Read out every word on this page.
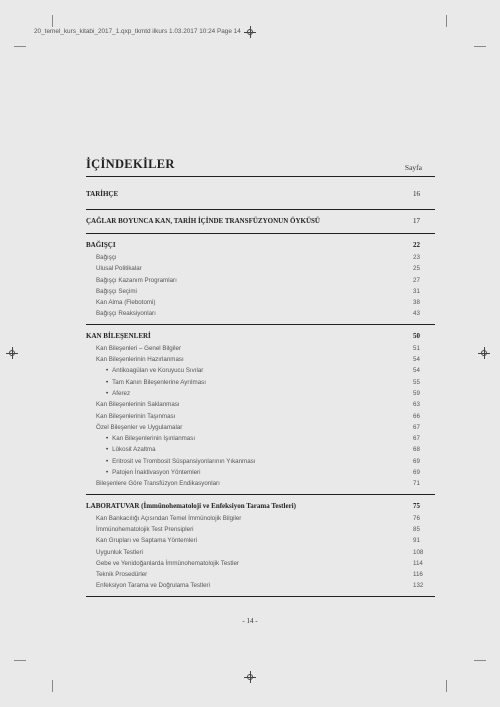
20_temel_kurs_kitabi_2017_1.qxp_tkmtd ilkurs 1.03.2017 10:24 Page 14
İÇİNDEKİLER	Sayfa
TARİHÇE	16
ÇAĞLAR BOYUNCA KAN, TARİH İÇİNDE TRANSFÜZYONUN ÖYKÜSÜ	17
BAĞIŞÇI	22
Bağışçı	23
Ulusal Politikalar	25
Bağışçı Kazanım Programları	27
Bağışçı Seçimi	31
Kan Alma (Flebotomi)	38
Bağışçı Reaksiyonları	43
KAN BİLEŞENLERİ	50
Kan Bileşenleri – Genel Bilgiler	51
Kan Bileşenlerinin Hazırlanması	54
• Antikoagülan ve Koruyucu Sıvılar	54
• Tam Kanın Bileşenlerine Ayrılması	55
• Aferez	59
Kan Bileşenlerinin Saklanması	63
Kan Bileşenlerinin Taşınması	66
Özel Bileşenler ve Uygulamalar	67
• Kan Bileşenlerinin Işınlanması	67
• Lökosit Azaltma	68
• Eritrosit ve Trombosit Süspansiyonlarının Yıkanması	69
• Patojen İnaktivasyon Yöntemleri	69
Bileşenlere Göre Transfüzyon Endikasyonları	71
LABORATUVAR (İmmünohematoloji ve Enfeksiyon Tarama Testleri)	75
Kan Bankacılığı Açısından Temel İmmünolojik Bilgiler	76
İmmünohematolojik Test Prensipleri	85
Kan Grupları ve Saptama Yöntemleri	91
Uygunluk Testleri	108
Gebe ve Yenidoğanlarda İmmünohematolojik Testler	114
Teknik Prosedürler	116
Enfeksiyon Tarama ve Doğrulama Testleri	132
- 14 -
